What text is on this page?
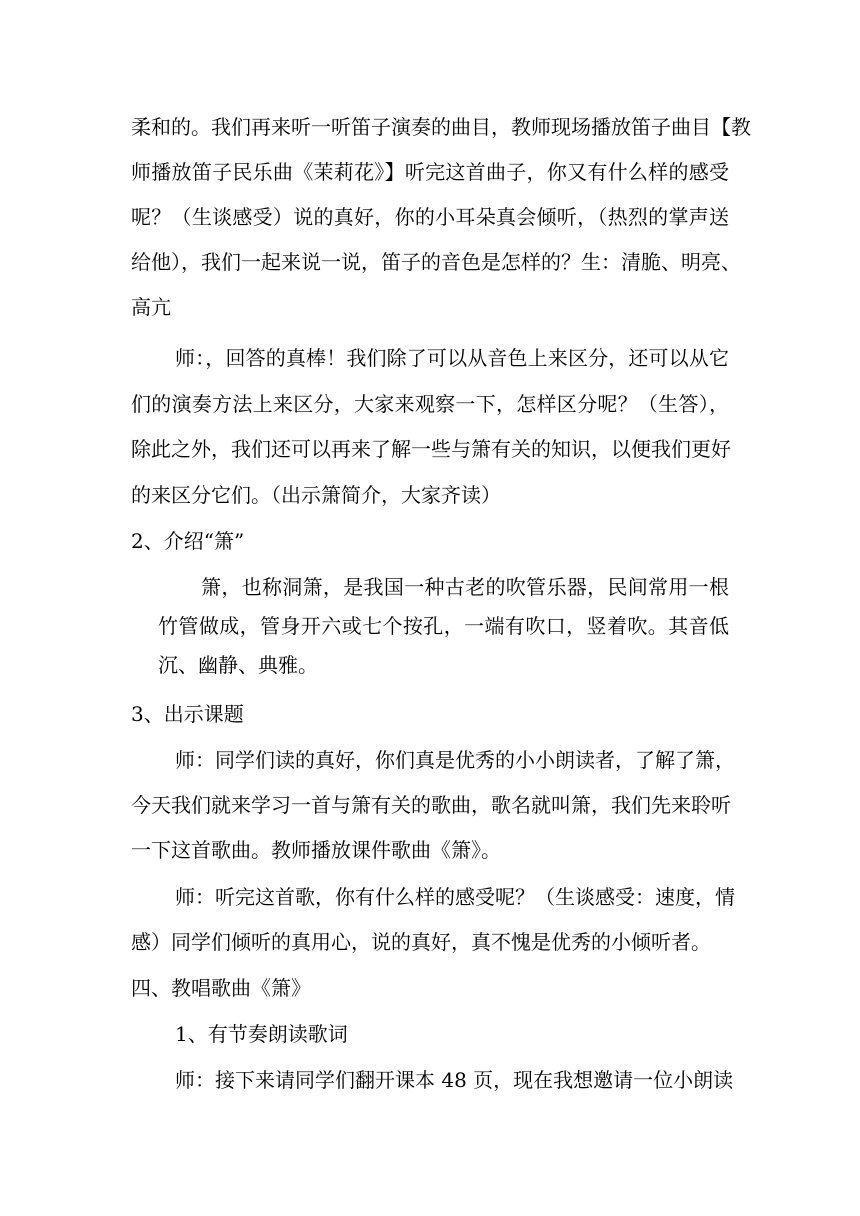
柔和的。我们再来听一听笛子演奏的曲目，教师现场播放笛子曲目【教
师播放笛子民乐曲《茉莉花》】听完这首曲子，你又有什么样的感受
呢？（生谈感受）说的真好，你的小耳朵真会倾听，（热烈的掌声送
给他），我们一起来说一说，笛子的音色是怎样的？生：清脆、明亮、
高亢
师：，回答的真棒！我们除了可以从音色上来区分，还可以从它
们的演奏方法上来区分，大家来观察一下，怎样区分呢？（生答），
除此之外，我们还可以再来了解一些与箫有关的知识，以便我们更好
的来区分它们。（出示箫简介，大家齐读）
2、介绍“箫”
箫，也称洞箫，是我国一种古老的吹管乐器，民间常用一根
竹管做成，管身开六或七个按孔，一端有吹口，竖着吹。其音低
沉、幽静、典雅。
3、出示课题
师：同学们读的真好，你们真是优秀的小小朗读者，了解了箫，
今天我们就来学习一首与箫有关的歌曲，歌名就叫箫，我们先来聆听
一下这首歌曲。教师播放课件歌曲《箫》。
师：听完这首歌，你有什么样的感受呢？（生谈感受：速度，情
感）同学们倾听的真用心，说的真好，真不愧是优秀的小倾听者。
四、教唱歌曲《箫》
1、有节奏朗读歌词
师：接下来请同学们翻开课本 48 页，现在我想邀请一位小朗读
